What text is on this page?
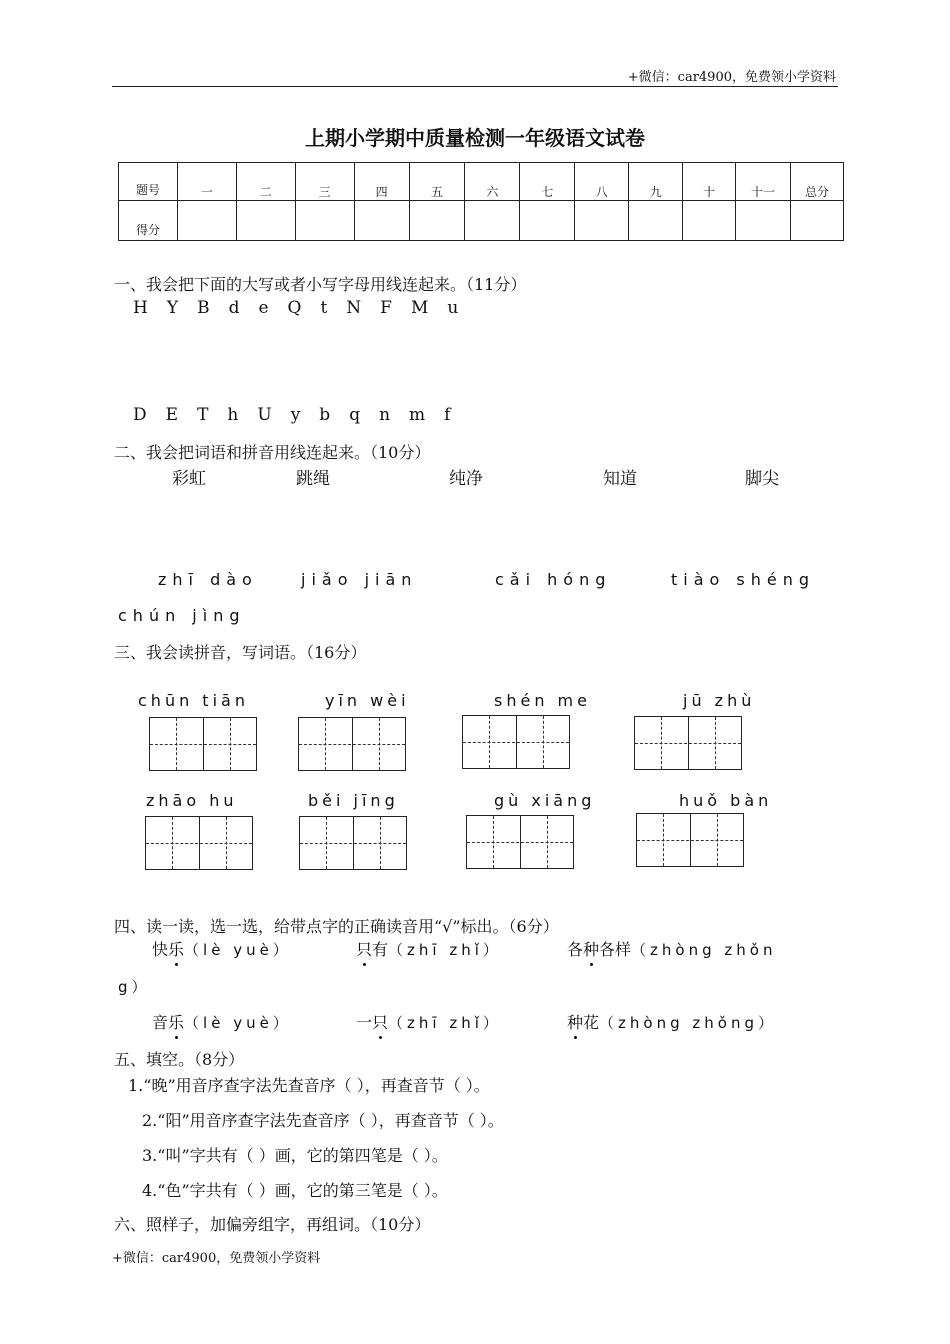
+微信：car4900，免费领小学资料
上期小学期中质量检测一年级语文试卷
题号	一	二	三	四	五	六	七	八	九	十	十一	总分
得分												
一、我会把下面的大写或者小写字母用线连起来。（11分）
H Y B d e Q t N F M u
D E T h U y b q n m f
二、我会把词语和拼音用线连起来。（10分）
彩虹	跳绳	纯净	知道	脚尖
zhī dào	jiǎo jiān	cǎi hóng	tiào shéng
chún jìng
三、我会读拼音，写词语。（16分）
chūn tiān	yīn wèi	shén me	jū zhù
zhāo hu	běi jīng	gù xiāng	huǒ bàn
四、读一读，选一选，给带点字的正确读音用“√”标出。（6分）
快乐（lè yuè）	只有（zhī zhǐ）	各种各样（zhòng zhǒn
g）
音乐（lè yuè）	一只（zhī zhǐ）	种花（zhòng zhǒng）
五、填空。（8分）
1.“晚”用音序查字法先查音序（ ），再查音节（ ）。
2.“阳”用音序查字法先查音序（ ），再查音节（ ）。
3.“叫”字共有（ ）画，它的第四笔是（ ）。
4.“色”字共有（ ）画，它的第三笔是（ ）。
六、照样子，加偏旁组字，再组词。（10分）
+微信：car4900，免费领小学资料
